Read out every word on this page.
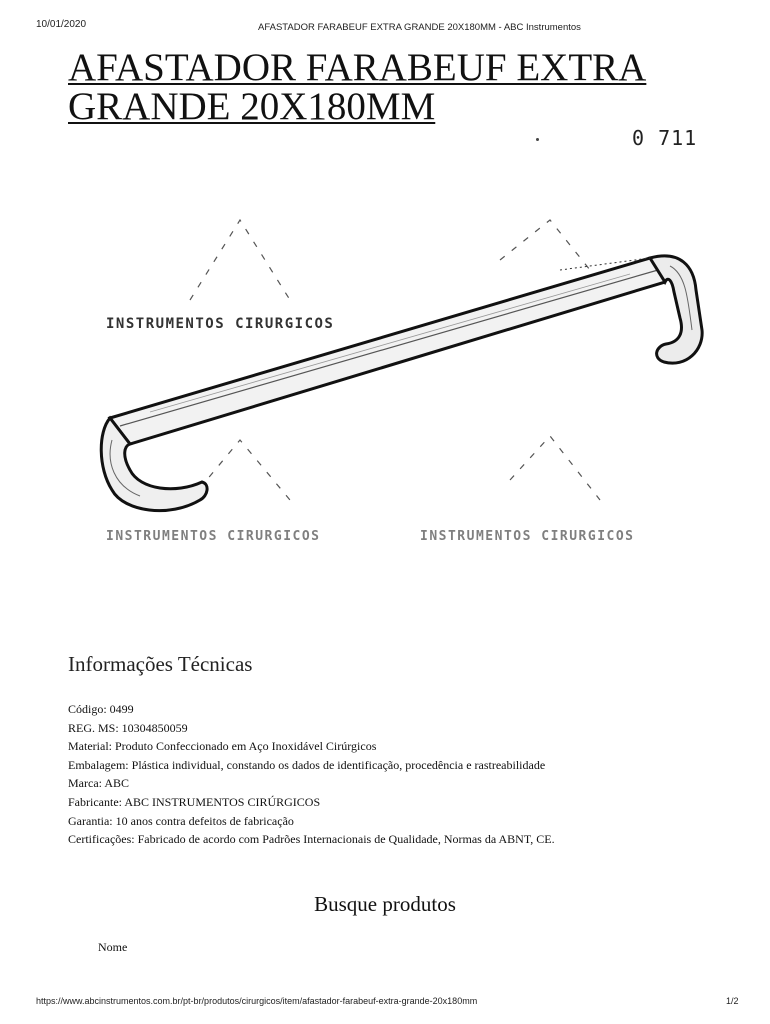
10/01/2020	AFASTADOR FARABEUF EXTRA GRANDE 20X180MM - ABC Instrumentos
AFASTADOR FARABEUF EXTRA
GRANDE 20X180MM
0 711
INSTRUMENTOS CIRURGICOS
INSTRUMENTOS CIRURGICOS	INSTRUMENTOS CIRURGICOS
Informações Técnicas
Código: 0499
REG. MS: 10304850059
Material: Produto Confeccionado em Aço Inoxidável Cirúrgicos
Embalagem: Plástica individual, constando os dados de identificação, procedência e rastreabilidade
Marca: ABC
Fabricante: ABC INSTRUMENTOS CIRÚRGICOS
Garantia: 10 anos contra defeitos de fabricação
Certificações: Fabricado de acordo com Padrões Internacionais de Qualidade, Normas da ABNT, CE.
Busque produtos
Nome
https://www.abcinstrumentos.com.br/pt-br/produtos/cirurgicos/item/afastador-farabeuf-extra-grande-20x180mm	1/2
